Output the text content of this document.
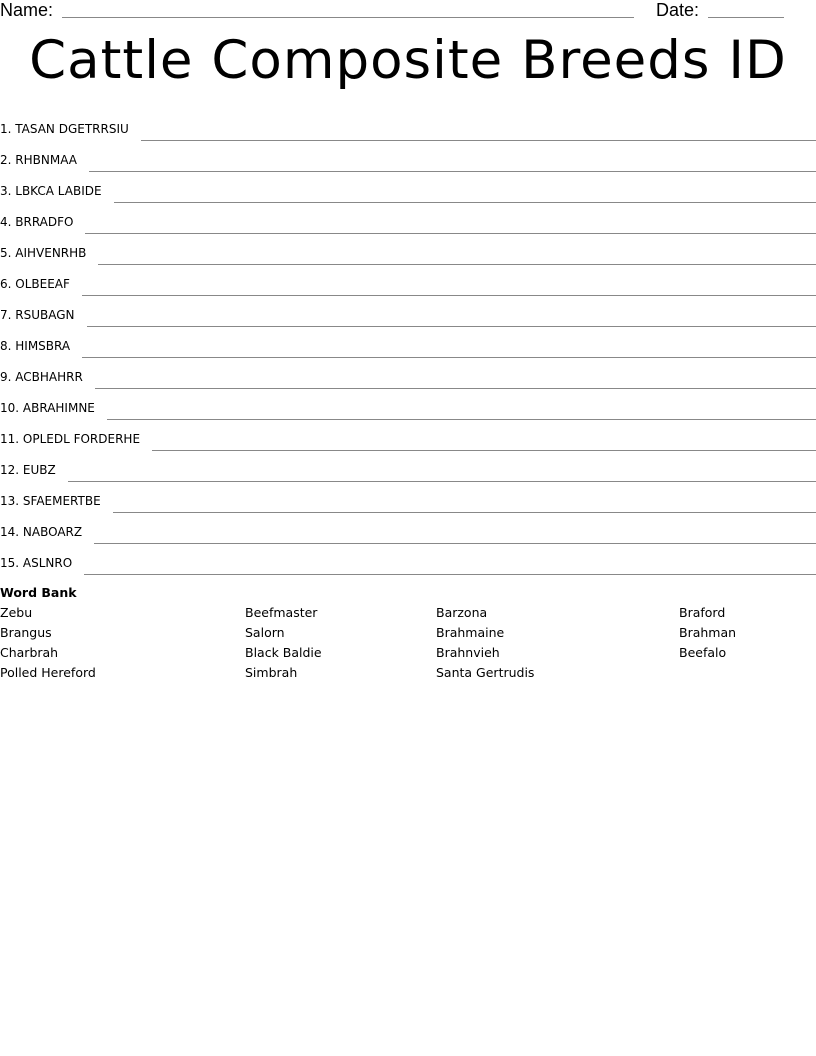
Name:	Date:
Cattle Composite Breeds ID
1. TASAN DGETRRSIU
2. RHBNMAA
3. LBKCA LABIDE
4. BRRADFO
5. AIHVENRHB
6. OLBEEAF
7. RSUBAGN
8. HIMSBRA
9. ACBHAHRR
10. ABRAHIMNE
11. OPLEDL FORDERHE
12. EUBZ
13. SFAEMERTBE
14. NABOARZ
15. ASLNRO
Word Bank
Zebu
Brangus
Charbrah
Polled Hereford
Beefmaster
Salorn
Black Baldie
Simbrah
Barzona
Brahmaine
Brahnvieh
Santa Gertrudis
Braford
Brahman
Beefalo
